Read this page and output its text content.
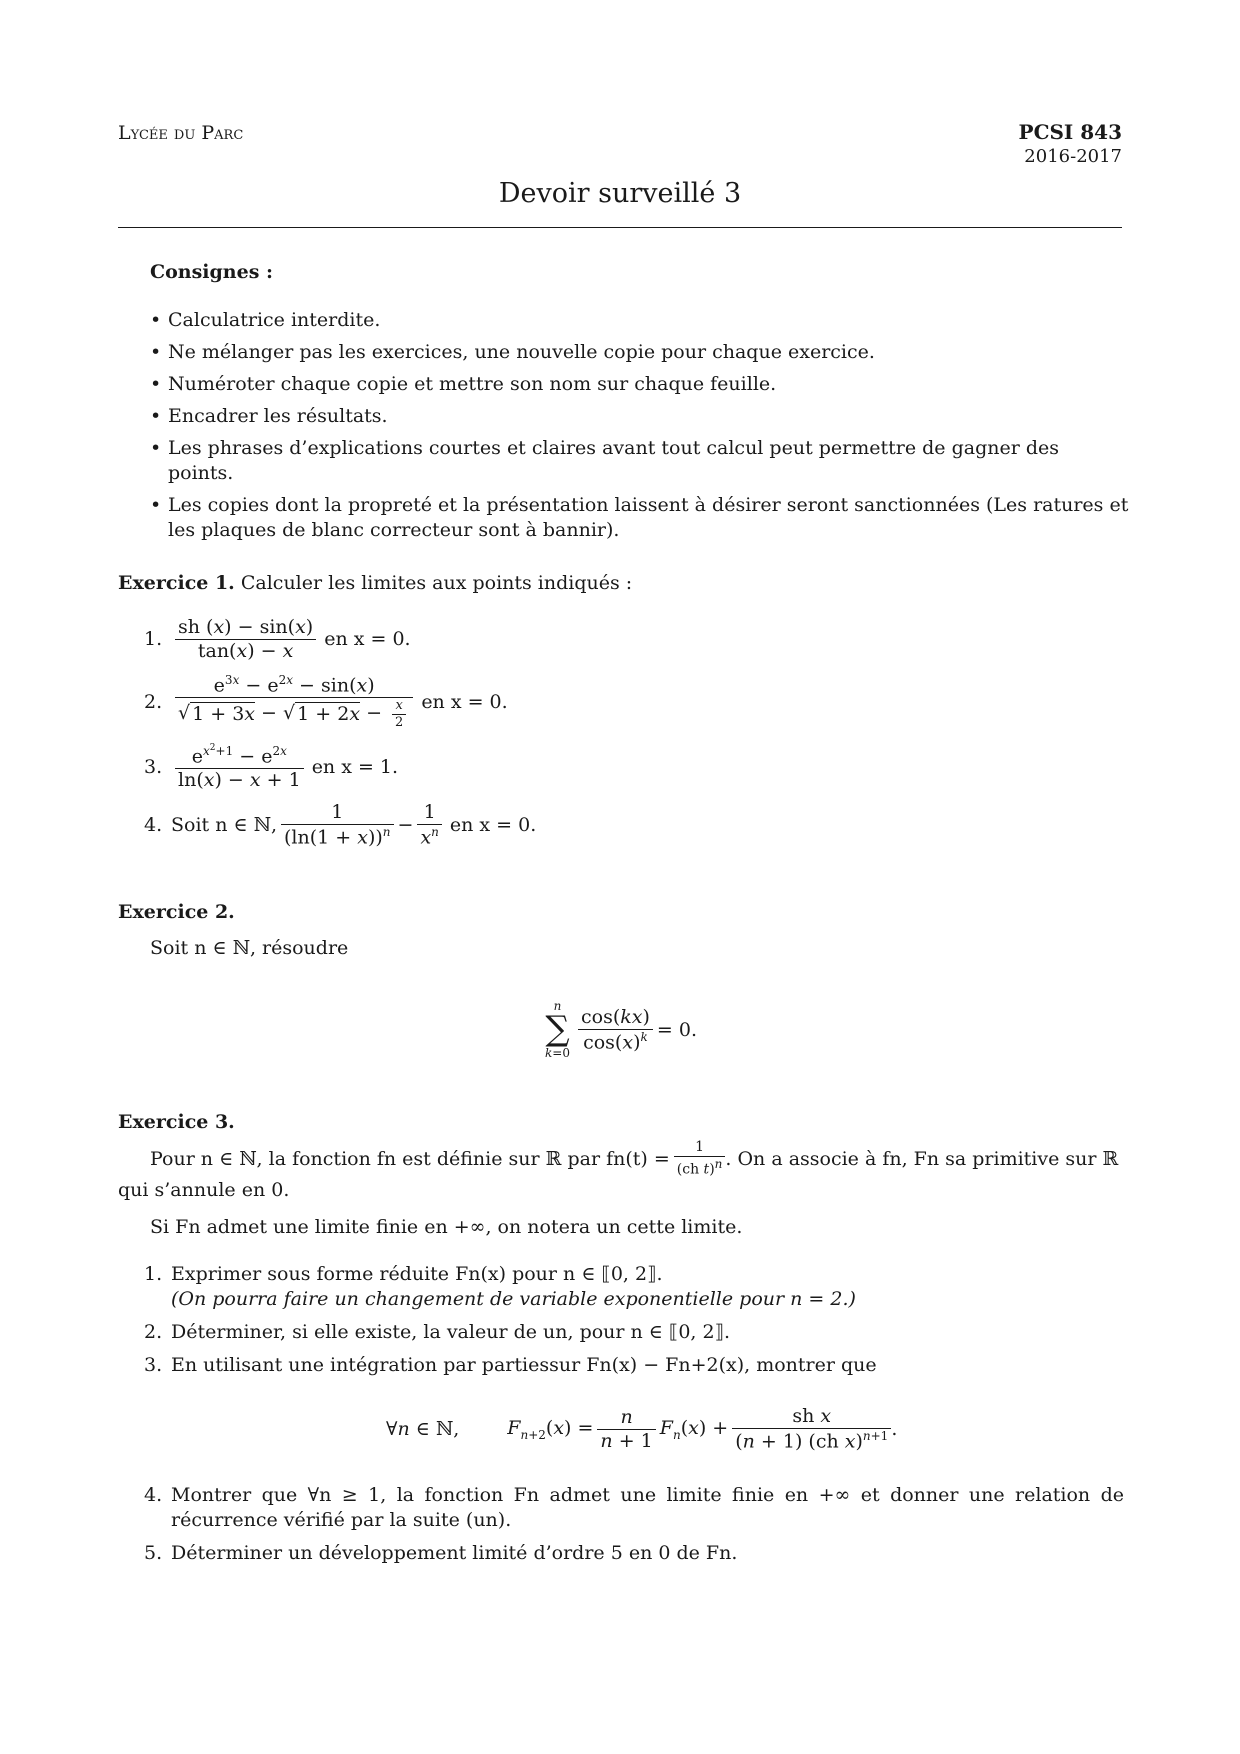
Lycée du Parc	PCSI 843
2016-2017
Devoir surveillé 3
Consignes :
• Calculatrice interdite.
• Ne mélanger pas les exercices, une nouvelle copie pour chaque exercice.
• Numéroter chaque copie et mettre son nom sur chaque feuille.
• Encadrer les résultats.
• Les phrases d’explications courtes et claires avant tout calcul peut permettre de gagner des points.
• Les copies dont la propreté et la présentation laissent à désirer seront sanctionnées (Les ratures et les plaques de blanc correcteur sont à bannir).
Exercice 1. Calculer les limites aux points indiqués :
1. $\frac{sh (x) - \sin(x)}{\tan(x) - x}$ en x = 0.
2. $\frac{e^{3x} - e^{2x} - \sin(x)}{√ 1 + 3x - √ 1 + 2x - \frac{x}{2}}$ en x = 0.
3. $\frac{e^{x^2+1} - e^{2x}}{\ln(x) - x + 1}$ en x = 1.
4. Soit n ∈ ℕ, $\frac{1}{(\ln(1 + x))^n} - \frac{1}{x^n}$ en x = 0.
Exercice 2.
Soit n ∈ ℕ, résoudre
n
∑
$k=0 \frac{\cos(kx)}{\cos(x)^k} = 0$.
Exercice 3.
Pour n ∈ ℕ, la fonction fn est définie sur ℝ par $fn(t) = \frac{1}{(ch t)^n}$ . On a associe à fn, Fn sa primitive sur ℝ
qui s’annule en 0.
Si Fn admet une limite finie en +∞, on notera un cette limite.
1. Exprimer sous forme réduite Fn(x) pour n ∈ ⟦0, 2⟧.
(On pourra faire un changement de variable exponentielle pour n = 2.)
2. Déterminer, si elle existe, la valeur de un, pour n ∈ ⟦0, 2⟧.
3. En utilisant une intégration par partiessur Fn(x) − Fn+2(x), montrer que
∀n ∈ ℕ,	$F_{n+2}(x) = \frac{n}{n + 1} F_n(x) + \frac{\text{sh x}}{(n + 1) (ch x)^{n+1}}$ .
4. Montrer que ∀n ≥ 1, la fonction Fn admet une limite finie en +∞ et donner une relation de récurrence vérifié par la suite (un).
5. Déterminer un développement limité d’ordre 5 en 0 de Fn.
